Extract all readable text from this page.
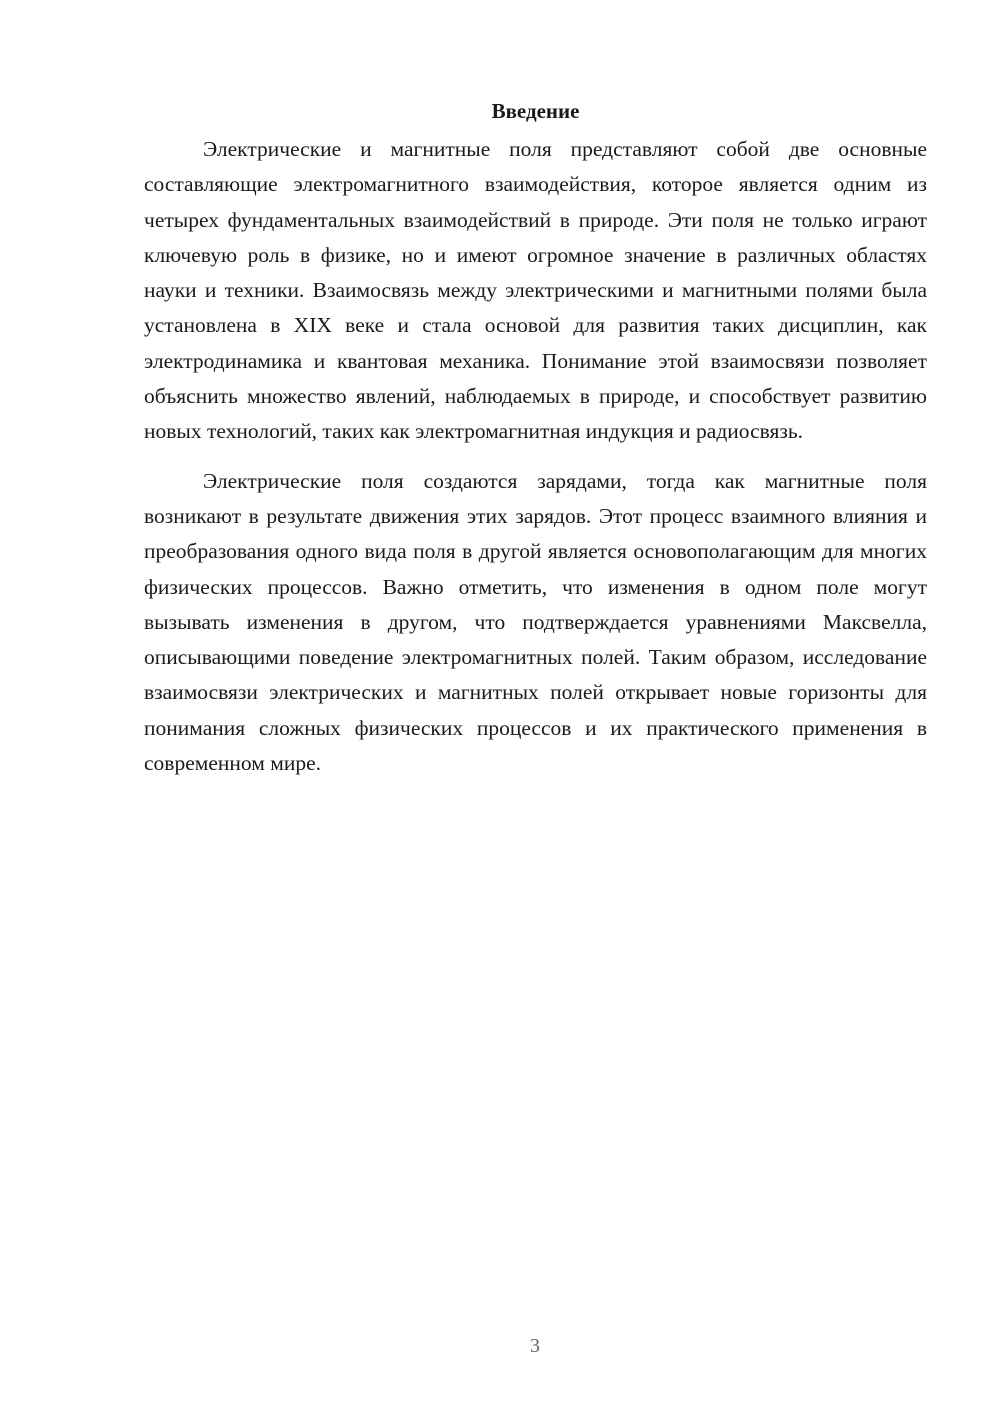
Введение

Электрические и магнитные поля представляют собой две основные составляющие электромагнитного взаимодействия, которое является одним из четырех фундаментальных взаимодействий в природе. Эти поля не только играют ключевую роль в физике, но и имеют огромное значение в различных областях науки и техники. Взаимосвязь между электрическими и магнитными полями была установлена в XIX веке и стала основой для развития таких дисциплин, как электродинамика и квантовая механика. Понимание этой взаимосвязи позволяет объяснить множество явлений, наблюдаемых в природе, и способствует развитию новых технологий, таких как электромагнитная индукция и радиосвязь.

Электрические поля создаются зарядами, тогда как магнитные поля возникают в результате движения этих зарядов. Этот процесс взаимного влияния и преобразования одного вида поля в другой является основополагающим для многих физических процессов. Важно отметить, что изменения в одном поле могут вызывать изменения в другом, что подтверждается уравнениями Максвелла, описывающими поведение электромагнитных полей. Таким образом, исследование взаимосвязи электрических и магнитных полей открывает новые горизонты для понимания сложных физических процессов и их практического применения в современном мире.

3
